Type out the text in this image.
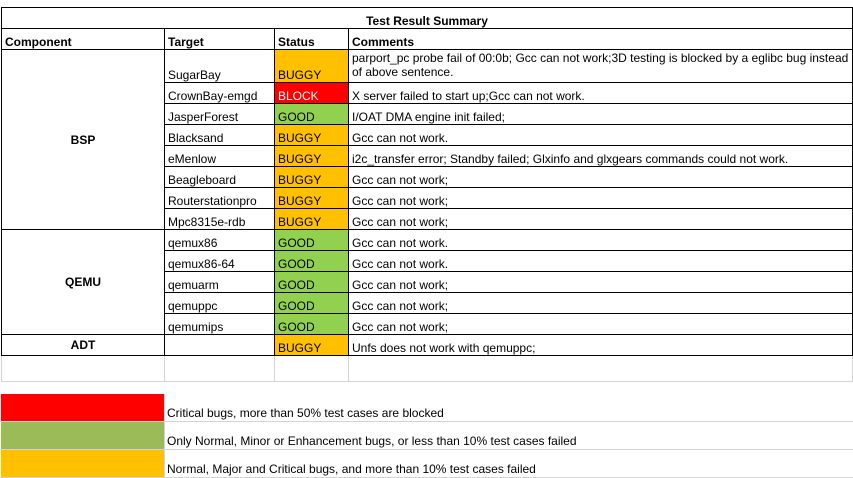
Test Result Summary			
Component	Target	Status	Comments
BSP	SugarBay	BUGGY	parport_pc probe fail of 00:0b; Gcc can not work;3D testing is blocked by a eglibc bug instead of above sentence.
	CrownBay-emgd	BLOCK	X server failed to start up;Gcc can not work.
	JasperForest	GOOD	I/OAT DMA engine init failed;
	Blacksand	BUGGY	Gcc can not work.
	eMenlow	BUGGY	i2c_transfer error; Standby failed; Glxinfo and glxgears commands could not work.
	Beagleboard	BUGGY	Gcc can not work;
	Routerstationpro	BUGGY	Gcc can not work;
	Mpc8315e-rdb	BUGGY	Gcc can not work;
QEMU	qemux86	GOOD	Gcc can not work.
	qemux86-64	GOOD	Gcc can not work.
	qemuarm	GOOD	Gcc can not work;
	qemuppc	GOOD	Gcc can not work;
	qemumips	GOOD	Gcc can not work;
ADT		BUGGY	Unfs does not work with qemuppc;

Critical bugs, more than 50% test cases are blocked
Only Normal, Minor or Enhancement bugs, or less than 10% test cases failed
Normal, Major and Critical bugs, and more than 10% test cases failed
